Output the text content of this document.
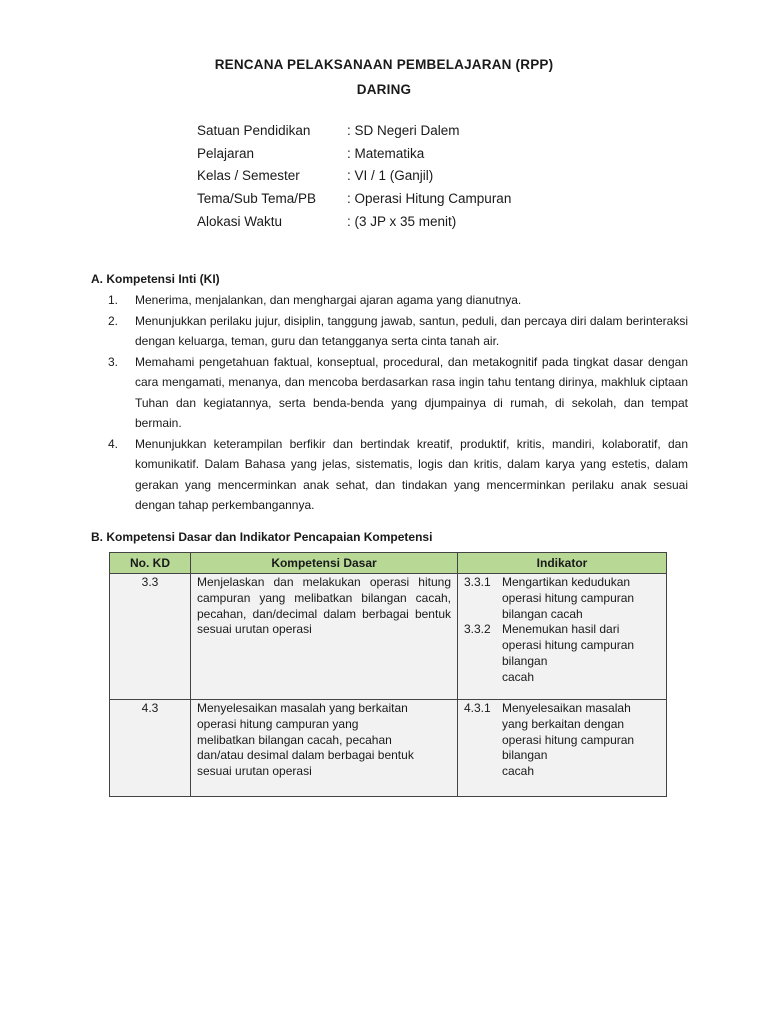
RENCANA PELAKSANAAN PEMBELAJARAN (RPP)
DARING
Satuan Pendidikan	: SD Negeri Dalem
Pelajaran	: Matematika
Kelas / Semester	: VI / 1 (Ganjil)
Tema/Sub Tema/PB	: Operasi Hitung Campuran
Alokasi Waktu	: (3 JP x 35 menit)
A. Kompetensi Inti (KI)
1.	Menerima, menjalankan, dan menghargai ajaran agama yang dianutnya.
2.	Menunjukkan perilaku jujur, disiplin, tanggung jawab, santun, peduli, dan percaya diri dalam berinteraksi dengan keluarga, teman, guru dan tetangganya serta cinta tanah air.
3.	Memahami pengetahuan faktual, konseptual, procedural, dan metakognitif pada tingkat dasar dengan cara mengamati, menanya, dan mencoba berdasarkan rasa ingin tahu tentang dirinya, makhluk ciptaan Tuhan dan kegiatannya, serta benda-benda yang djumpainya di rumah, di sekolah, dan tempat bermain.
4.	Menunjukkan keterampilan berfikir dan bertindak kreatif, produktif, kritis, mandiri, kolaboratif, dan komunikatif. Dalam Bahasa yang jelas, sistematis, logis dan kritis, dalam karya yang estetis, dalam gerakan yang mencerminkan anak sehat, dan tindakan yang mencerminkan perilaku anak sesuai dengan tahap perkembangannya.
B. Kompetensi Dasar dan Indikator Pencapaian Kompetensi
No. KD	Kompetensi Dasar	Indikator
3.3	Menjelaskan dan melakukan operasi hitung campuran yang melibatkan bilangan cacah, pecahan, dan/decimal dalam berbagai bentuk sesuai urutan operasi	3.3.1 Mengartikan kedudukan operasi hitung campuran bilangan cacah
3.3.2 Menemukan hasil dari operasi hitung campuran bilangan
cacah

4.3	Menyelesaikan masalah yang berkaitan operasi hitung campuran yang melibatkan bilangan cacah, pecahan dan/atau desimal dalam berbagai bentuk sesuai urutan operasi	4.3.1 Menyelesaikan masalah yang berkaitan dengan operasi hitung campuran bilangan
cacah
